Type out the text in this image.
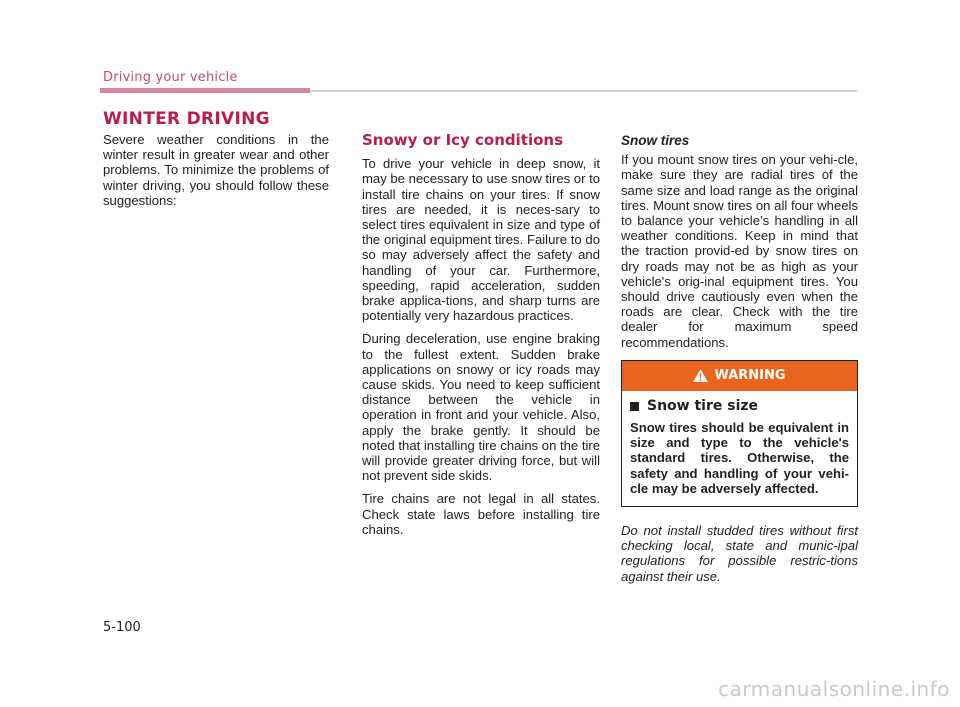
Driving your vehicle
WINTER DRIVING

Severe weather conditions in the winter result in greater wear and other problems. To minimize the problems of winter driving, you should follow these suggestions:

Snowy or Icy conditions

To drive your vehicle in deep snow, it may be necessary to use snow tires or to install tire chains on your tires. If snow tires are needed, it is neces-sary to select tires equivalent in size and type of the original equipment tires. Failure to do so may adversely affect the safety and handling of your car. Furthermore, speeding, rapid acceleration, sudden brake applica-tions, and sharp turns are potentially very hazardous practices.

During deceleration, use engine braking to the fullest extent. Sudden brake applications on snowy or icy roads may cause skids. You need to keep sufficient distance between the vehicle in operation in front and your vehicle. Also, apply the brake gently. It should be noted that installing tire chains on the tire will provide greater driving force, but will not prevent side skids.

Tire chains are not legal in all states. Check state laws before installing tire chains.

Snow tires

If you mount snow tires on your vehi-cle, make sure they are radial tires of the same size and load range as the original tires. Mount snow tires on all four wheels to balance your vehicle’s handling in all weather conditions. Keep in mind that the traction provid-ed by snow tires on dry roads may not be as high as your vehicle's orig-inal equipment tires. You should drive cautiously even when the roads are clear. Check with the tire dealer for maximum speed recommendations.

WARNING
Snow tire size
Snow tires should be equivalent in size and type to the vehicle's standard tires. Otherwise, the safety and handling of your vehi-cle may be adversely affected.

Do not install studded tires without first checking local, state and munic-ipal regulations for possible restric-tions against their use.

5-100
carmanualsonline.info
